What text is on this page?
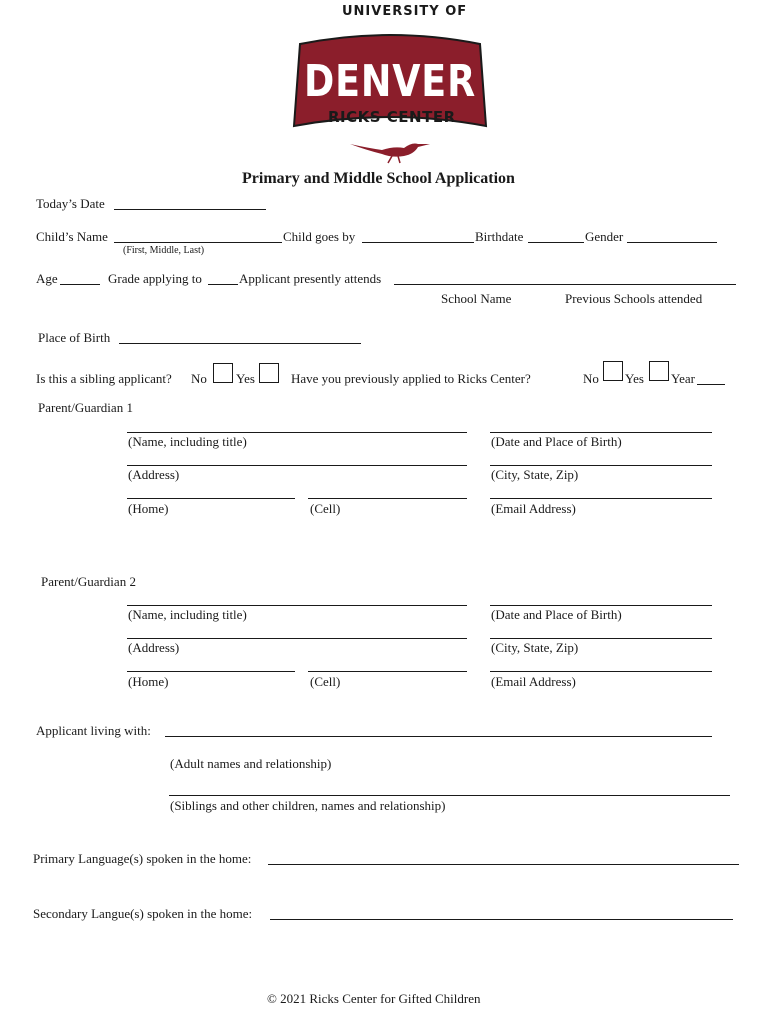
UNIVERSITY OF
DENVER
RICKS CENTER
Primary and Middle School Application
Today’s Date
Child’s Name
(First, Middle, Last)
Child goes by	Birthdate	Gender
Age	Grade applying to	Applicant presently attends
School Name	Previous Schools attended
Place of Birth
Is this a sibling applicant? No Yes	Have you previously applied to Ricks Center?	No Yes Year
Parent/Guardian 1
(Name, including title)	(Date and Place of Birth)
(Address)	(City, State, Zip)
(Home)	(Cell)	(Email Address)
Parent/Guardian 2
(Name, including title)	(Date and Place of Birth)
(Address)	(City, State, Zip)
(Home)	(Cell)	(Email Address)
Applicant living with:
(Adult names and relationship)
(Siblings and other children, names and relationship)
Primary Language(s) spoken in the home:
Secondary Langue(s) spoken in the home:
© 2021 Ricks Center for Gifted Children
